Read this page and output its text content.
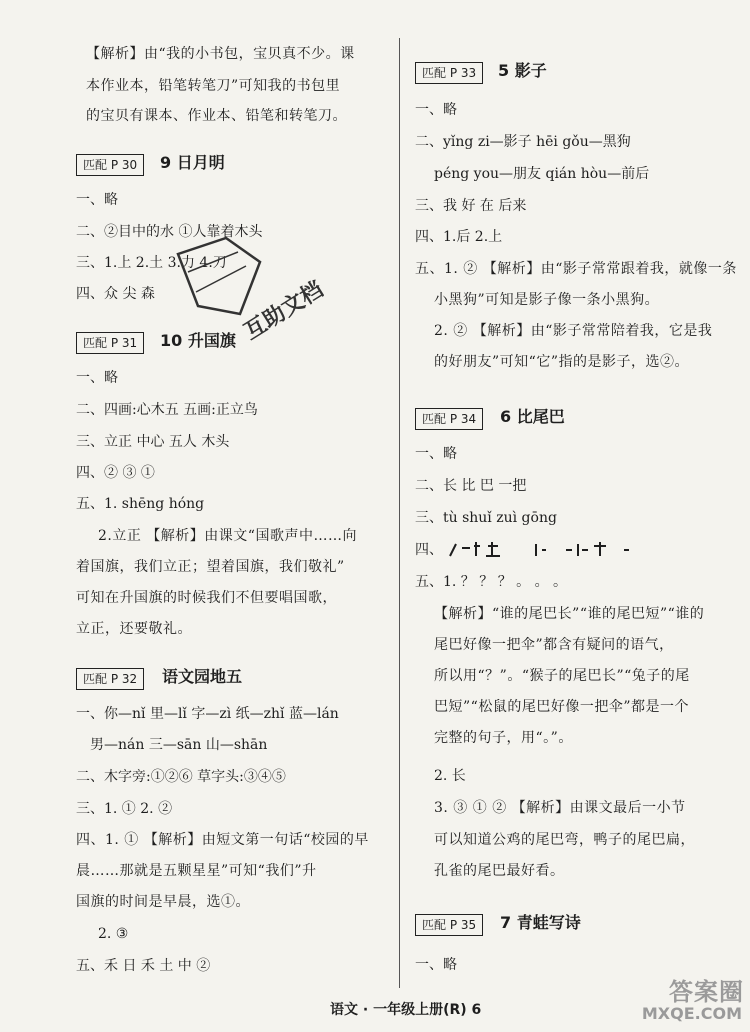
【解析】由“我的小书包，宝贝真不少。课
本作业本，铅笔转笔刀”可知我的书包里
的宝贝有课本、作业本、铅笔和转笔刀。
匹配 P 30	9 日月明
一、略
二、②目中的水 ①人靠着木头
三、1.上 2.土 3.力 4.刀
四、众 尖 森
匹配 P 31	10 升国旗
一、略
二、四画:心木五 五画:正立鸟
三、立正 中心 五人 木头
四、② ③ ①
五、1. shēng hóng
2.立正 【解析】由课文“国歌声中……向
着国旗，我们立正；望着国旗，我们敬礼”
可知在升国旗的时候我们不但要唱国歌，
立正，还要敬礼。
匹配 P 32	语文园地五
一、你—nǐ 里—lǐ 字—zì 纸—zhǐ 蓝—lán
男—nán 三—sān 山—shān
二、木字旁:①②⑥ 草字头:③④⑤
三、1. ① 2. ②
四、1. ① 【解析】由短文第一句话“校园的早
晨……那就是五颗星星”可知“我们”升
国旗的时间是早晨，选①。
2. ③
五、禾 日 禾 土 中 ②
匹配 P 33	5 影子
一、略
二、yǐng zi—影子 hēi gǒu—黑狗
péng you—朋友 qián hòu—前后
三、我 好 在 后来
四、1.后 2.上
五、1. ② 【解析】由“影子常常跟着我，就像一条
小黑狗”可知是影子像一条小黑狗。
2. ② 【解析】由“影子常常陪着我，它是我
的好朋友”可知“它”指的是影子，选②。
匹配 P 34	6 比尾巴
一、略
二、长 比 巴 一把
三、tù shuǐ zuì gōng
四、
五、1. ？ ？ ？ 。 。 。
【解析】“谁的尾巴长”“谁的尾巴短”“谁的
尾巴好像一把伞”都含有疑问的语气，
所以用“？”。“猴子的尾巴长”“兔子的尾
巴短”“松鼠的尾巴好像一把伞”都是一个
完整的句子，用“。”。
2. 长
3. ③ ① ② 【解析】由课文最后一小节
可以知道公鸡的尾巴弯，鸭子的尾巴扁，
孔雀的尾巴最好看。
匹配 P 35	7 青蛙写诗
一、略
语文 · 一年级上册(R) 6
互助文档
答案圈
MXQE.COM
